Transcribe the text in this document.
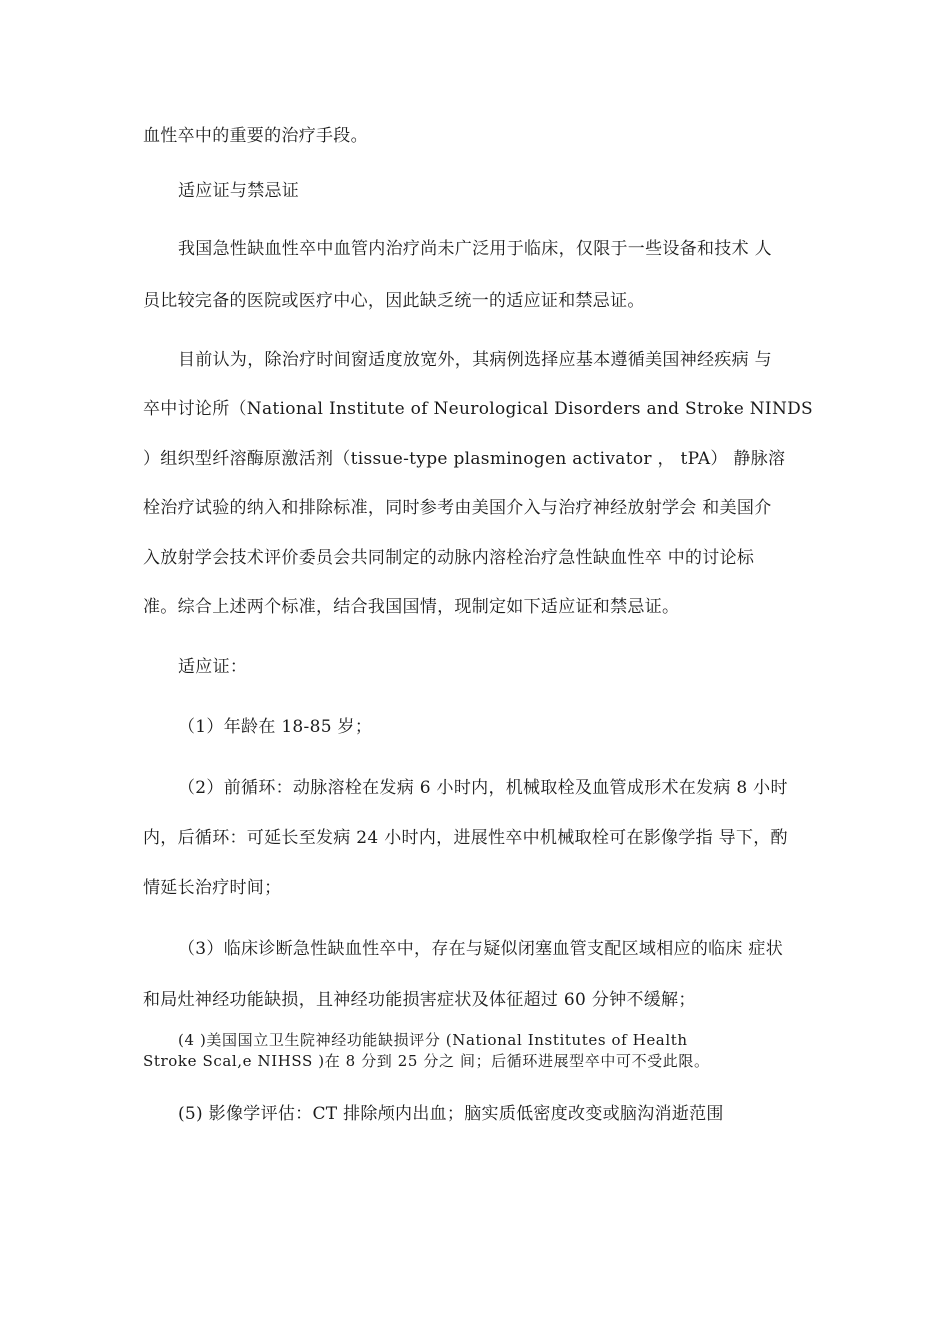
血性卒中的重要的治疗手段。
适应证与禁忌证
我国急性缺血性卒中血管内治疗尚未广泛用于临床，仅限于一些设备和技术 人
员比较完备的医院或医疗中心，因此缺乏统一的适应证和禁忌证。
目前认为，除治疗时间窗适度放宽外，其病例选择应基本遵循美国神经疾病 与
卒中讨论所（National Institute of Neurological Disorders and Stroke NINDS
）组织型纤溶酶原激活剂（tissue-type plasminogen activator ， tPA） 静脉溶
栓治疗试验的纳入和排除标准，同时参考由美国介入与治疗神经放射学会 和美国介
入放射学会技术评价委员会共同制定的动脉内溶栓治疗急性缺血性卒 中的讨论标
准。综合上述两个标准，结合我国国情，现制定如下适应证和禁忌证。
适应证：
（1）年龄在 18-85 岁；
（2）前循环：动脉溶栓在发病 6 小时内，机械取栓及血管成形术在发病 8 小时
内，后循环：可延长至发病 24 小时内，进展性卒中机械取栓可在影像学指 导下，酌
情延长治疗时间；
（3）临床诊断急性缺血性卒中，存在与疑似闭塞血管支配区域相应的临床 症状
和局灶神经功能缺损，且神经功能损害症状及体征超过 60 分钟不缓解；
(4 )美国国立卫生院神经功能缺损评分 (National Institutes of Health
Stroke Scal,e NIHSS )在 8 分到 25 分之 间；后循环进展型卒中可不受此限。
(5) 影像学评估：CT 排除颅内出血；脑实质低密度改变或脑沟消逝范围
